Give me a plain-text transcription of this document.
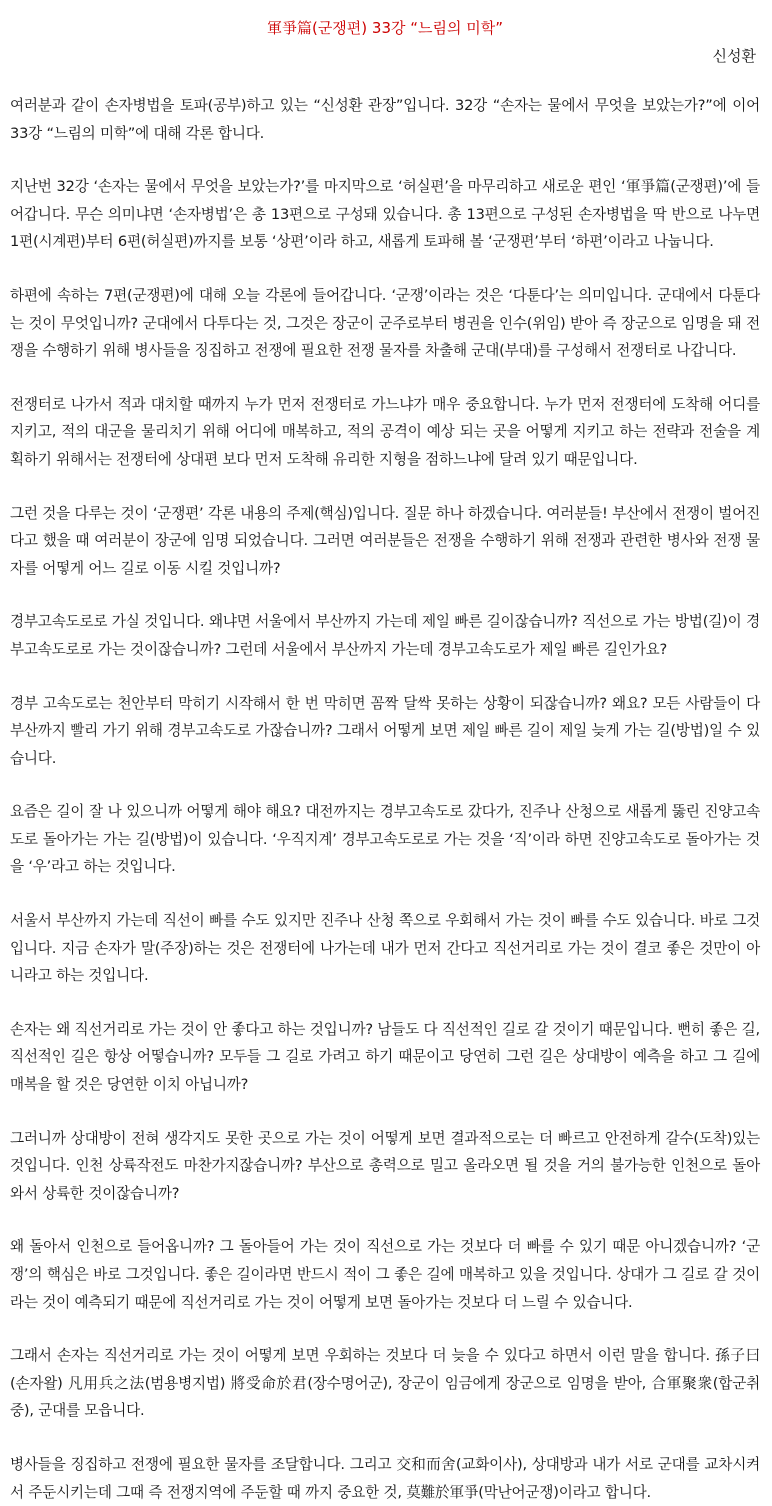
軍爭篇(군쟁편) 33강 “느림의 미학”
신성환

여러분과 같이 손자병법을 토파(공부)하고 있는 “신성환 관장”입니다. 32강 “손자는 물에서 무엇을 보았는가?”에 이어 33강 “느림의 미학”에 대해 각론 합니다.

지난번 32강 ‘손자는 물에서 무엇을 보았는가?’를 마지막으로 ‘허실편’을 마무리하고 새로운 편인 ‘軍爭篇(군쟁편)’에 들어갑니다. 무슨 의미냐면 ‘손자병법’은 총 13편으로 구성돼 있습니다. 총 13편으로 구성된 손자병법을 딱 반으로 나누면 1편(시계편)부터 6편(허실편)까지를 보통 ‘상편’이라 하고, 새롭게 토파해 볼 ‘군쟁편’부터 ‘하편’이라고 나눕니다.

하편에 속하는 7편(군쟁편)에 대해 오늘 각론에 들어갑니다. ‘군쟁’이라는 것은 ‘다툰다’는 의미입니다. 군대에서 다툰다는 것이 무엇입니까? 군대에서 다투다는 것, 그것은 장군이 군주로부터 병권을 인수(위임) 받아 즉 장군으로 임명을 돼 전쟁을 수행하기 위해 병사들을 징집하고 전쟁에 필요한 전쟁 물자를 차출해 군대(부대)를 구성해서 전쟁터로 나갑니다.

전쟁터로 나가서 적과 대치할 때까지 누가 먼저 전쟁터로 가느냐가 매우 중요합니다. 누가 먼저 전쟁터에 도착해 어디를 지키고, 적의 대군을 물리치기 위해 어디에 매복하고, 적의 공격이 예상 되는 곳을 어떻게 지키고 하는 전략과 전술을 계획하기 위해서는 전쟁터에 상대편 보다 먼저 도착해 유리한 지형을 점하느냐에 달려 있기 때문입니다.

그런 것을 다루는 것이 ‘군쟁편’ 각론 내용의 주제(핵심)입니다. 질문 하나 하겠습니다. 여러분들! 부산에서 전쟁이 벌어진다고 했을 때 여러분이 장군에 임명 되었습니다. 그러면 여러분들은 전쟁을 수행하기 위해 전쟁과 관련한 병사와 전쟁 물자를 어떻게 어느 길로 이동 시킬 것입니까?

경부고속도로로 가실 것입니다. 왜냐면 서울에서 부산까지 가는데 제일 빠른 길이잖습니까? 직선으로 가는 방법(길)이 경부고속도로로 가는 것이잖습니까? 그런데 서울에서 부산까지 가는데 경부고속도로가 제일 빠른 길인가요?

경부 고속도로는 천안부터 막히기 시작해서 한 번 막히면 꼼짝 달싹 못하는 상황이 되잖습니까? 왜요? 모든 사람들이 다 부산까지 빨리 가기 위해 경부고속도로 가잖습니까? 그래서 어떻게 보면 제일 빠른 길이 제일 늦게 가는 길(방법)일 수 있습니다.

요즘은 길이 잘 나 있으니까 어떻게 해야 해요? 대전까지는 경부고속도로 갔다가, 진주나 산청으로 새롭게 뚫린 진양고속도로 돌아가는 가는 길(방법)이 있습니다. ‘우직지계’ 경부고속도로로 가는 것을 ‘직’이라 하면 진양고속도로 돌아가는 것을 ‘우’라고 하는 것입니다.

서울서 부산까지 가는데 직선이 빠를 수도 있지만 진주나 산청 쪽으로 우회해서 가는 것이 빠를 수도 있습니다. 바로 그것입니다. 지금 손자가 말(주장)하는 것은 전쟁터에 나가는데 내가 먼저 간다고 직선거리로 가는 것이 결코 좋은 것만이 아니라고 하는 것입니다.

손자는 왜 직선거리로 가는 것이 안 좋다고 하는 것입니까? 남들도 다 직선적인 길로 갈 것이기 때문입니다. 뻔히 좋은 길, 직선적인 길은 항상 어떻습니까? 모두들 그 길로 가려고 하기 때문이고 당연히 그런 길은 상대방이 예측을 하고 그 길에 매복을 할 것은 당연한 이치 아닙니까?

그러니까 상대방이 전혀 생각지도 못한 곳으로 가는 것이 어떻게 보면 결과적으로는 더 빠르고 안전하게 갈수(도착)있는 것입니다. 인천 상륙작전도 마찬가지잖습니까? 부산으로 총력으로 밀고 올라오면 될 것을 거의 불가능한 인천으로 돌아와서 상륙한 것이잖습니까?

왜 돌아서 인천으로 들어옵니까? 그 돌아들어 가는 것이 직선으로 가는 것보다 더 빠를 수 있기 때문 아니겠습니까? ‘군쟁’의 핵심은 바로 그것입니다. 좋은 길이라면 반드시 적이 그 좋은 길에 매복하고 있을 것입니다. 상대가 그 길로 갈 것이라는 것이 예측되기 때문에 직선거리로 가는 것이 어떻게 보면 돌아가는 것보다 더 느릴 수 있습니다.

그래서 손자는 직선거리로 가는 것이 어떻게 보면 우회하는 것보다 더 늦을 수 있다고 하면서 이런 말을 합니다. 孫子曰(손자왈) 凡用兵之法(범용병지법) 將受命於君(장수명어군), 장군이 임금에게 장군으로 임명을 받아, 合軍聚衆(합군취중), 군대를 모읍니다.

병사들을 징집하고 전쟁에 필요한 물자를 조달합니다. 그리고 交和而舍(교화이사), 상대방과 내가 서로 군대를 교차시켜서 주둔시키는데 그때 즉 전쟁지역에 주둔할 때 까지 중요한 것, 莫難於軍爭(막난어군쟁)이라고 합니다.
